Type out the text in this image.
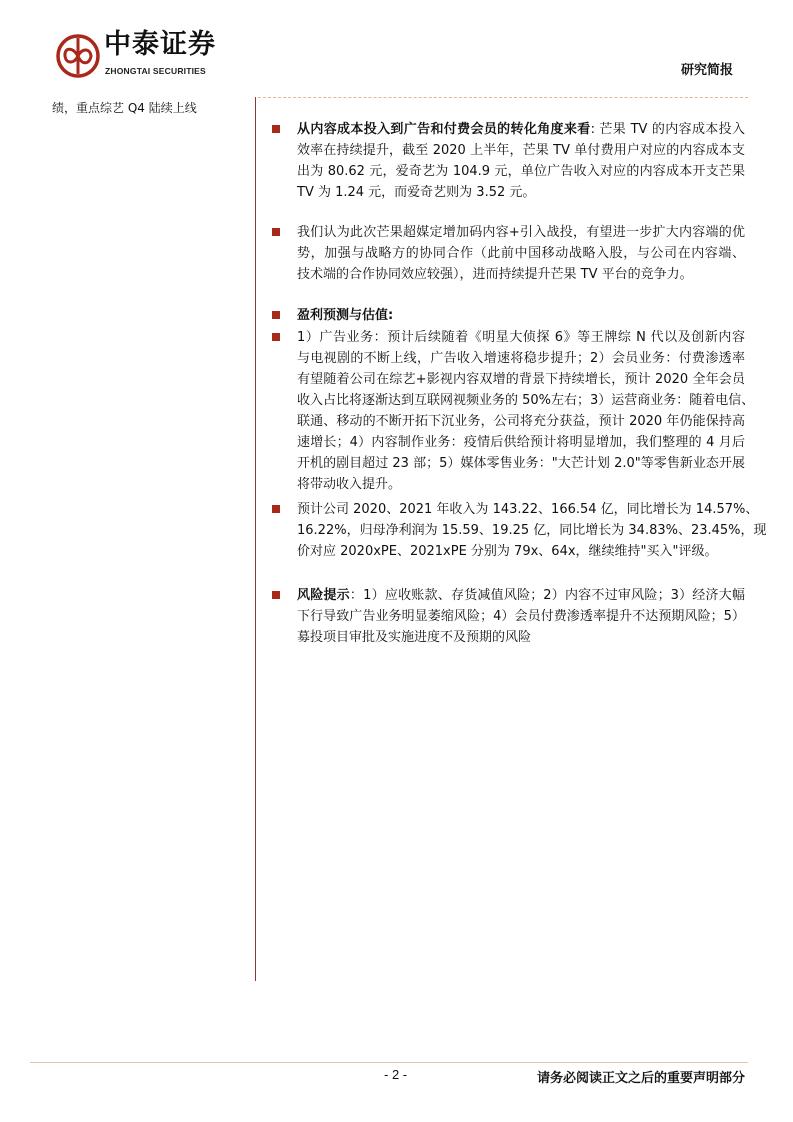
中泰证券
ZHONGTAI SECURITIES	研究简报
绩，重点综艺 Q4 陆续上线
从内容成本投入到广告和付费会员的转化角度来看: 芒果 TV 的内容成本投入
效率在持续提升，截至 2020 上半年，芒果 TV 单付费用户对应的内容成本支
出为 80.62 元，爱奇艺为 104.9 元，单位广告收入对应的内容成本开支芒果
TV 为 1.24 元，而爱奇艺则为 3.52 元。
我们认为此次芒果超媒定增加码内容+引入战投，有望进一步扩大内容端的优
势，加强与战略方的协同合作（此前中国移动战略入股，与公司在内容端、
技术端的合作协同效应较强），进而持续提升芒果 TV 平台的竞争力。
盈利预测与估值:
1）广告业务：预计后续随着《明星大侦探 6》等王牌综 N 代以及创新内容
与电视剧的不断上线，广告收入增速将稳步提升；2）会员业务：付费渗透率
有望随着公司在综艺+影视内容双增的背景下持续增长，预计 2020 全年会员
收入占比将逐渐达到互联网视频业务的 50%左右；3）运营商业务：随着电信、
联通、移动的不断开拓下沉业务，公司将充分获益，预计 2020 年仍能保持高
速增长；4）内容制作业务：疫情后供给预计将明显增加，我们整理的 4 月后
开机的剧目超过 23 部；5）媒体零售业务："大芒计划 2.0"等零售新业态开展
将带动收入提升。
预计公司 2020、2021 年收入为 143.22、166.54 亿，同比增长为 14.57%、
16.22%，归母净利润为 15.59、19.25 亿，同比增长为 34.83%、23.45%，现
价对应 2020xPE、2021xPE 分别为 79x、64x，继续维持"买入"评级。
风险提示：1）应收账款、存货减值风险；2）内容不过审风险；3）经济大幅
下行导致广告业务明显萎缩风险；4）会员付费渗透率提升不达预期风险；5）
募投项目审批及实施进度不及预期的风险
- 2 -	请务必阅读正文之后的重要声明部分
